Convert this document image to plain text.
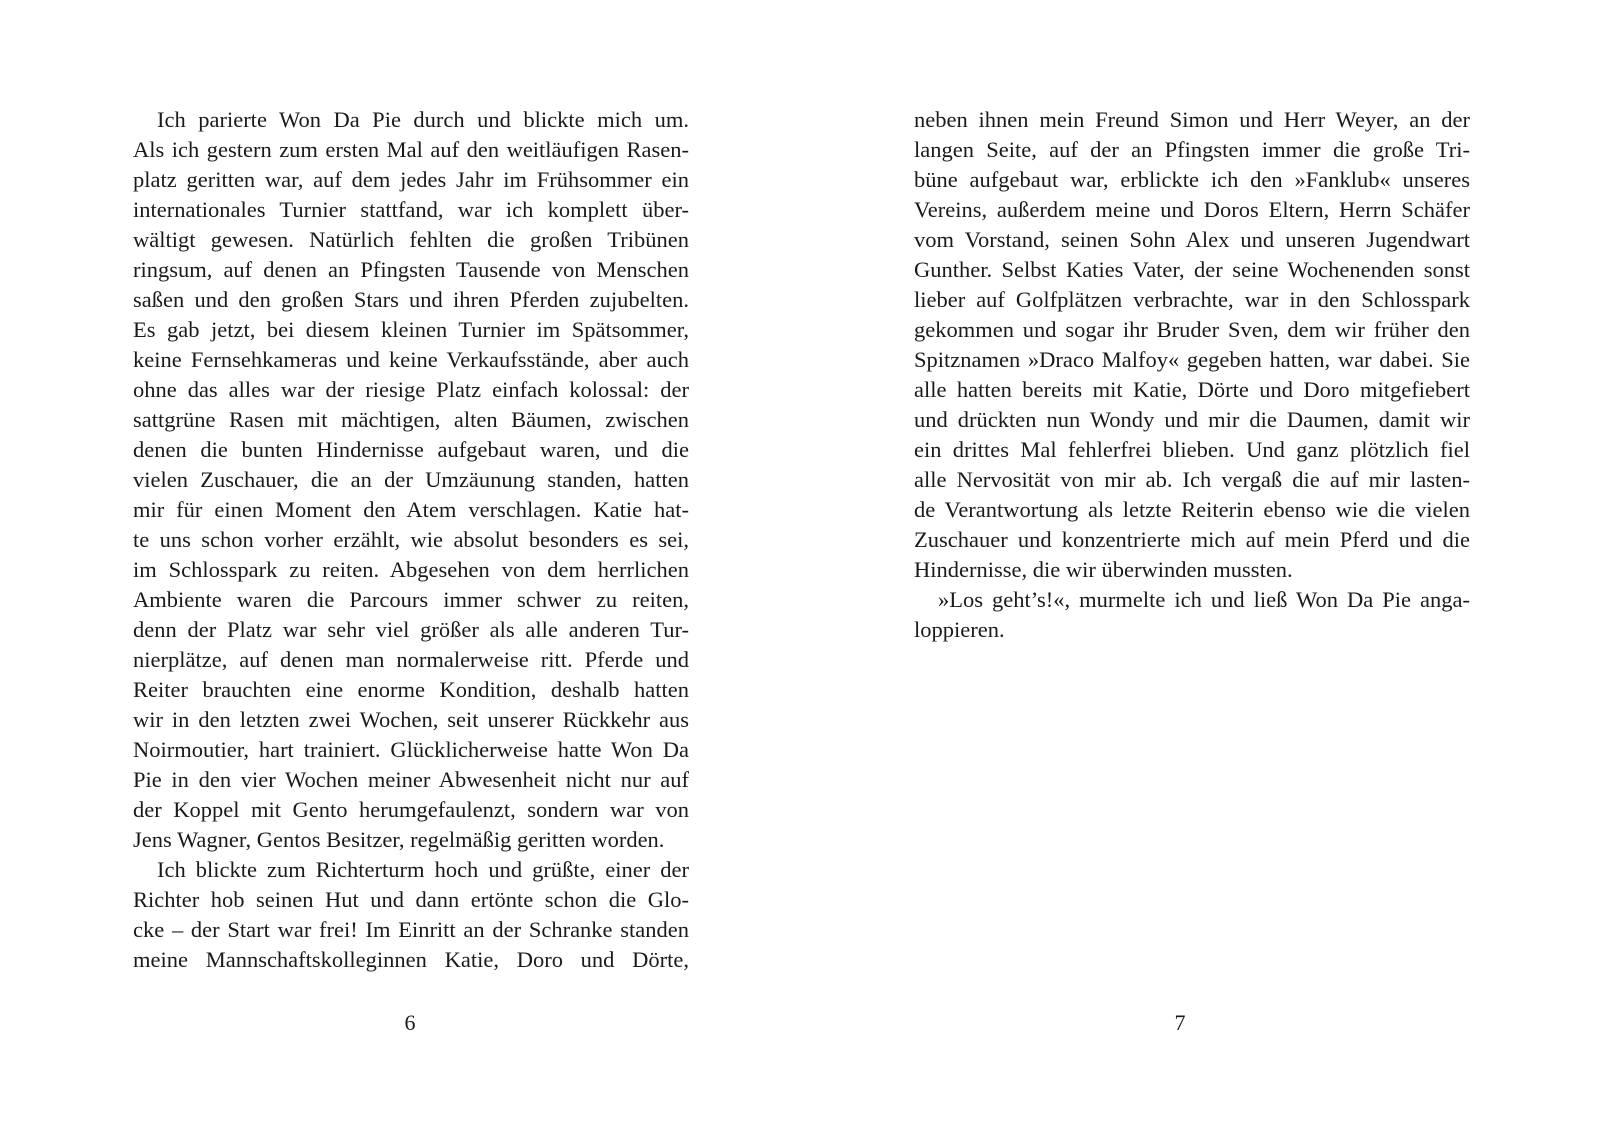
Ich parierte Won Da Pie durch und blickte mich um.
Als ich gestern zum ersten Mal auf den weitläufigen Rasen-
platz geritten war, auf dem jedes Jahr im Frühsommer ein
internationales Turnier stattfand, war ich komplett über-
wältigt gewesen. Natürlich fehlten die großen Tribünen
ringsum, auf denen an Pfingsten Tausende von Menschen
saßen und den großen Stars und ihren Pferden zujubelten.
Es gab jetzt, bei diesem kleinen Turnier im Spätsommer,
keine Fernsehkameras und keine Verkaufsstände, aber auch
ohne das alles war der riesige Platz einfach kolossal: der
sattgrüne Rasen mit mächtigen, alten Bäumen, zwischen
denen die bunten Hindernisse aufgebaut waren, und die
vielen Zuschauer, die an der Umzäunung standen, hatten
mir für einen Moment den Atem verschlagen. Katie hat-
te uns schon vorher erzählt, wie absolut besonders es sei,
im Schlosspark zu reiten. Abgesehen von dem herrlichen
Ambiente waren die Parcours immer schwer zu reiten,
denn der Platz war sehr viel größer als alle anderen Tur-
nierplätze, auf denen man normalerweise ritt. Pferde und
Reiter brauchten eine enorme Kondition, deshalb hatten
wir in den letzten zwei Wochen, seit unserer Rückkehr aus
Noirmoutier, hart trainiert. Glücklicherweise hatte Won Da
Pie in den vier Wochen meiner Abwesenheit nicht nur auf
der Koppel mit Gento herumgefaulenzt, sondern war von
Jens Wagner, Gentos Besitzer, regelmäßig geritten worden.
Ich blickte zum Richterturm hoch und grüßte, einer der
Richter hob seinen Hut und dann ertönte schon die Glo-
cke – der Start war frei! Im Einritt an der Schranke standen
meine Mannschaftskolleginnen Katie, Doro und Dörte,
6
neben ihnen mein Freund Simon und Herr Weyer, an der
langen Seite, auf der an Pfingsten immer die große Tri-
büne aufgebaut war, erblickte ich den »Fanklub« unseres
Vereins, außerdem meine und Doros Eltern, Herrn Schäfer
vom Vorstand, seinen Sohn Alex und unseren Jugendwart
Gunther. Selbst Katies Vater, der seine Wochenenden sonst
lieber auf Golfplätzen verbrachte, war in den Schlosspark
gekommen und sogar ihr Bruder Sven, dem wir früher den
Spitznamen »Draco Malfoy« gegeben hatten, war dabei. Sie
alle hatten bereits mit Katie, Dörte und Doro mitgefiebert
und drückten nun Wondy und mir die Daumen, damit wir
ein drittes Mal fehlerfrei blieben. Und ganz plötzlich fiel
alle Nervosität von mir ab. Ich vergaß die auf mir lasten-
de Verantwortung als letzte Reiterin ebenso wie die vielen
Zuschauer und konzentrierte mich auf mein Pferd und die
Hindernisse, die wir überwinden mussten.
»Los geht’s!«, murmelte ich und ließ Won Da Pie anga-
loppieren.
7
